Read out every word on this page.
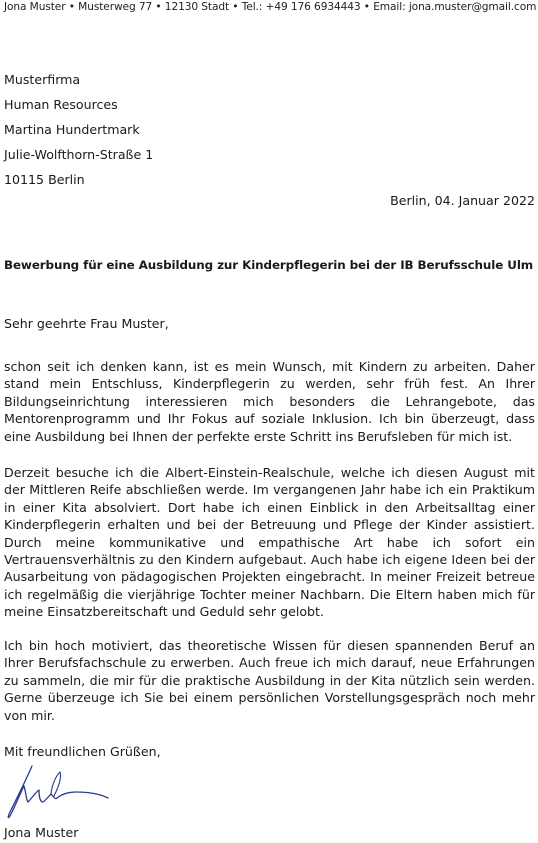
Jona Muster • Musterweg 77 • 12130 Stadt • Tel.: +49 176 6934443 • Email: jona.muster@gmail.com
Musterfirma
Human Resources
Martina Hundertmark
Julie-Wolfthorn-Straße 1
10115 Berlin
Berlin, 04. Januar 2022
Bewerbung für eine Ausbildung zur Kinderpflegerin bei der IB Berufsschule Ulm
Sehr geehrte Frau Muster,
schon seit ich denken kann, ist es mein Wunsch, mit Kindern zu arbeiten. Daher stand mein Entschluss, Kinderpflegerin zu werden, sehr früh fest. An Ihrer Bildungseinrichtung interessieren mich besonders die Lehrangebote, das Mentorenprogramm und Ihr Fokus auf soziale Inklusion. Ich bin überzeugt, dass eine Ausbildung bei Ihnen der perfekte erste Schritt ins Berufsleben für mich ist.
Derzeit besuche ich die Albert-Einstein-Realschule, welche ich diesen August mit der Mittleren Reife abschließen werde. Im vergangenen Jahr habe ich ein Praktikum in einer Kita absolviert. Dort habe ich einen Einblick in den Arbeitsalltag einer Kinderpflegerin erhalten und bei der Betreuung und Pflege der Kinder assistiert. Durch meine kommunikative und empathische Art habe ich sofort ein Vertrauensverhältnis zu den Kindern aufgebaut. Auch habe ich eigene Ideen bei der Ausarbeitung von pädagogischen Projekten eingebracht. In meiner Freizeit betreue ich regelmäßig die vierjährige Tochter meiner Nachbarn. Die Eltern haben mich für meine Einsatzbereitschaft und Geduld sehr gelobt.
Ich bin hoch motiviert, das theoretische Wissen für diesen spannenden Beruf an Ihrer Berufsfachschule zu erwerben. Auch freue ich mich darauf, neue Erfahrungen zu sammeln, die mir für die praktische Ausbildung in der Kita nützlich sein werden. Gerne überzeuge ich Sie bei einem persönlichen Vorstellungsgespräch noch mehr von mir.
Mit freundlichen Grüßen,
Jona Muster
